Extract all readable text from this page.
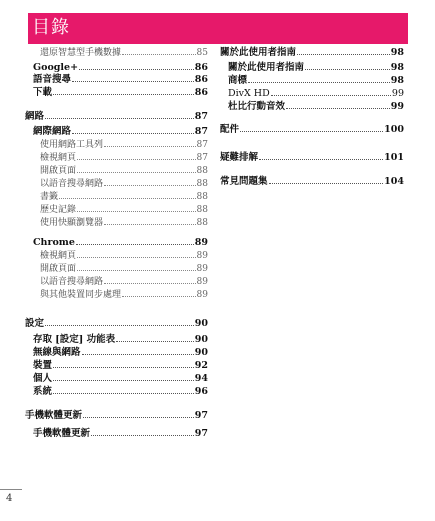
目錄
還原智慧型手機數據	85
Google+	86
語音搜尋	86
下載	86
網路	87
網際網路	87
使用網路工具列	87
檢視網頁	87
開啟頁面	88
以語音搜尋網路	88
書籤	88
歷史記錄	88
使用快顯瀏覽器	88
Chrome	89
檢視網頁	89
開啟頁面	89
以語音搜尋網路	89
與其他裝置同步處理	89
設定	90
存取 [設定] 功能表	90
無線與網路	90
裝置	92
個人	94
系統	96
手機軟體更新	97
手機軟體更新	97
關於此使用者指南	98
關於此使用者指南	98
商標	98
DivX HD	99
杜比行動音效	99
配件	100
疑難排解	101
常見問題集	104
4
